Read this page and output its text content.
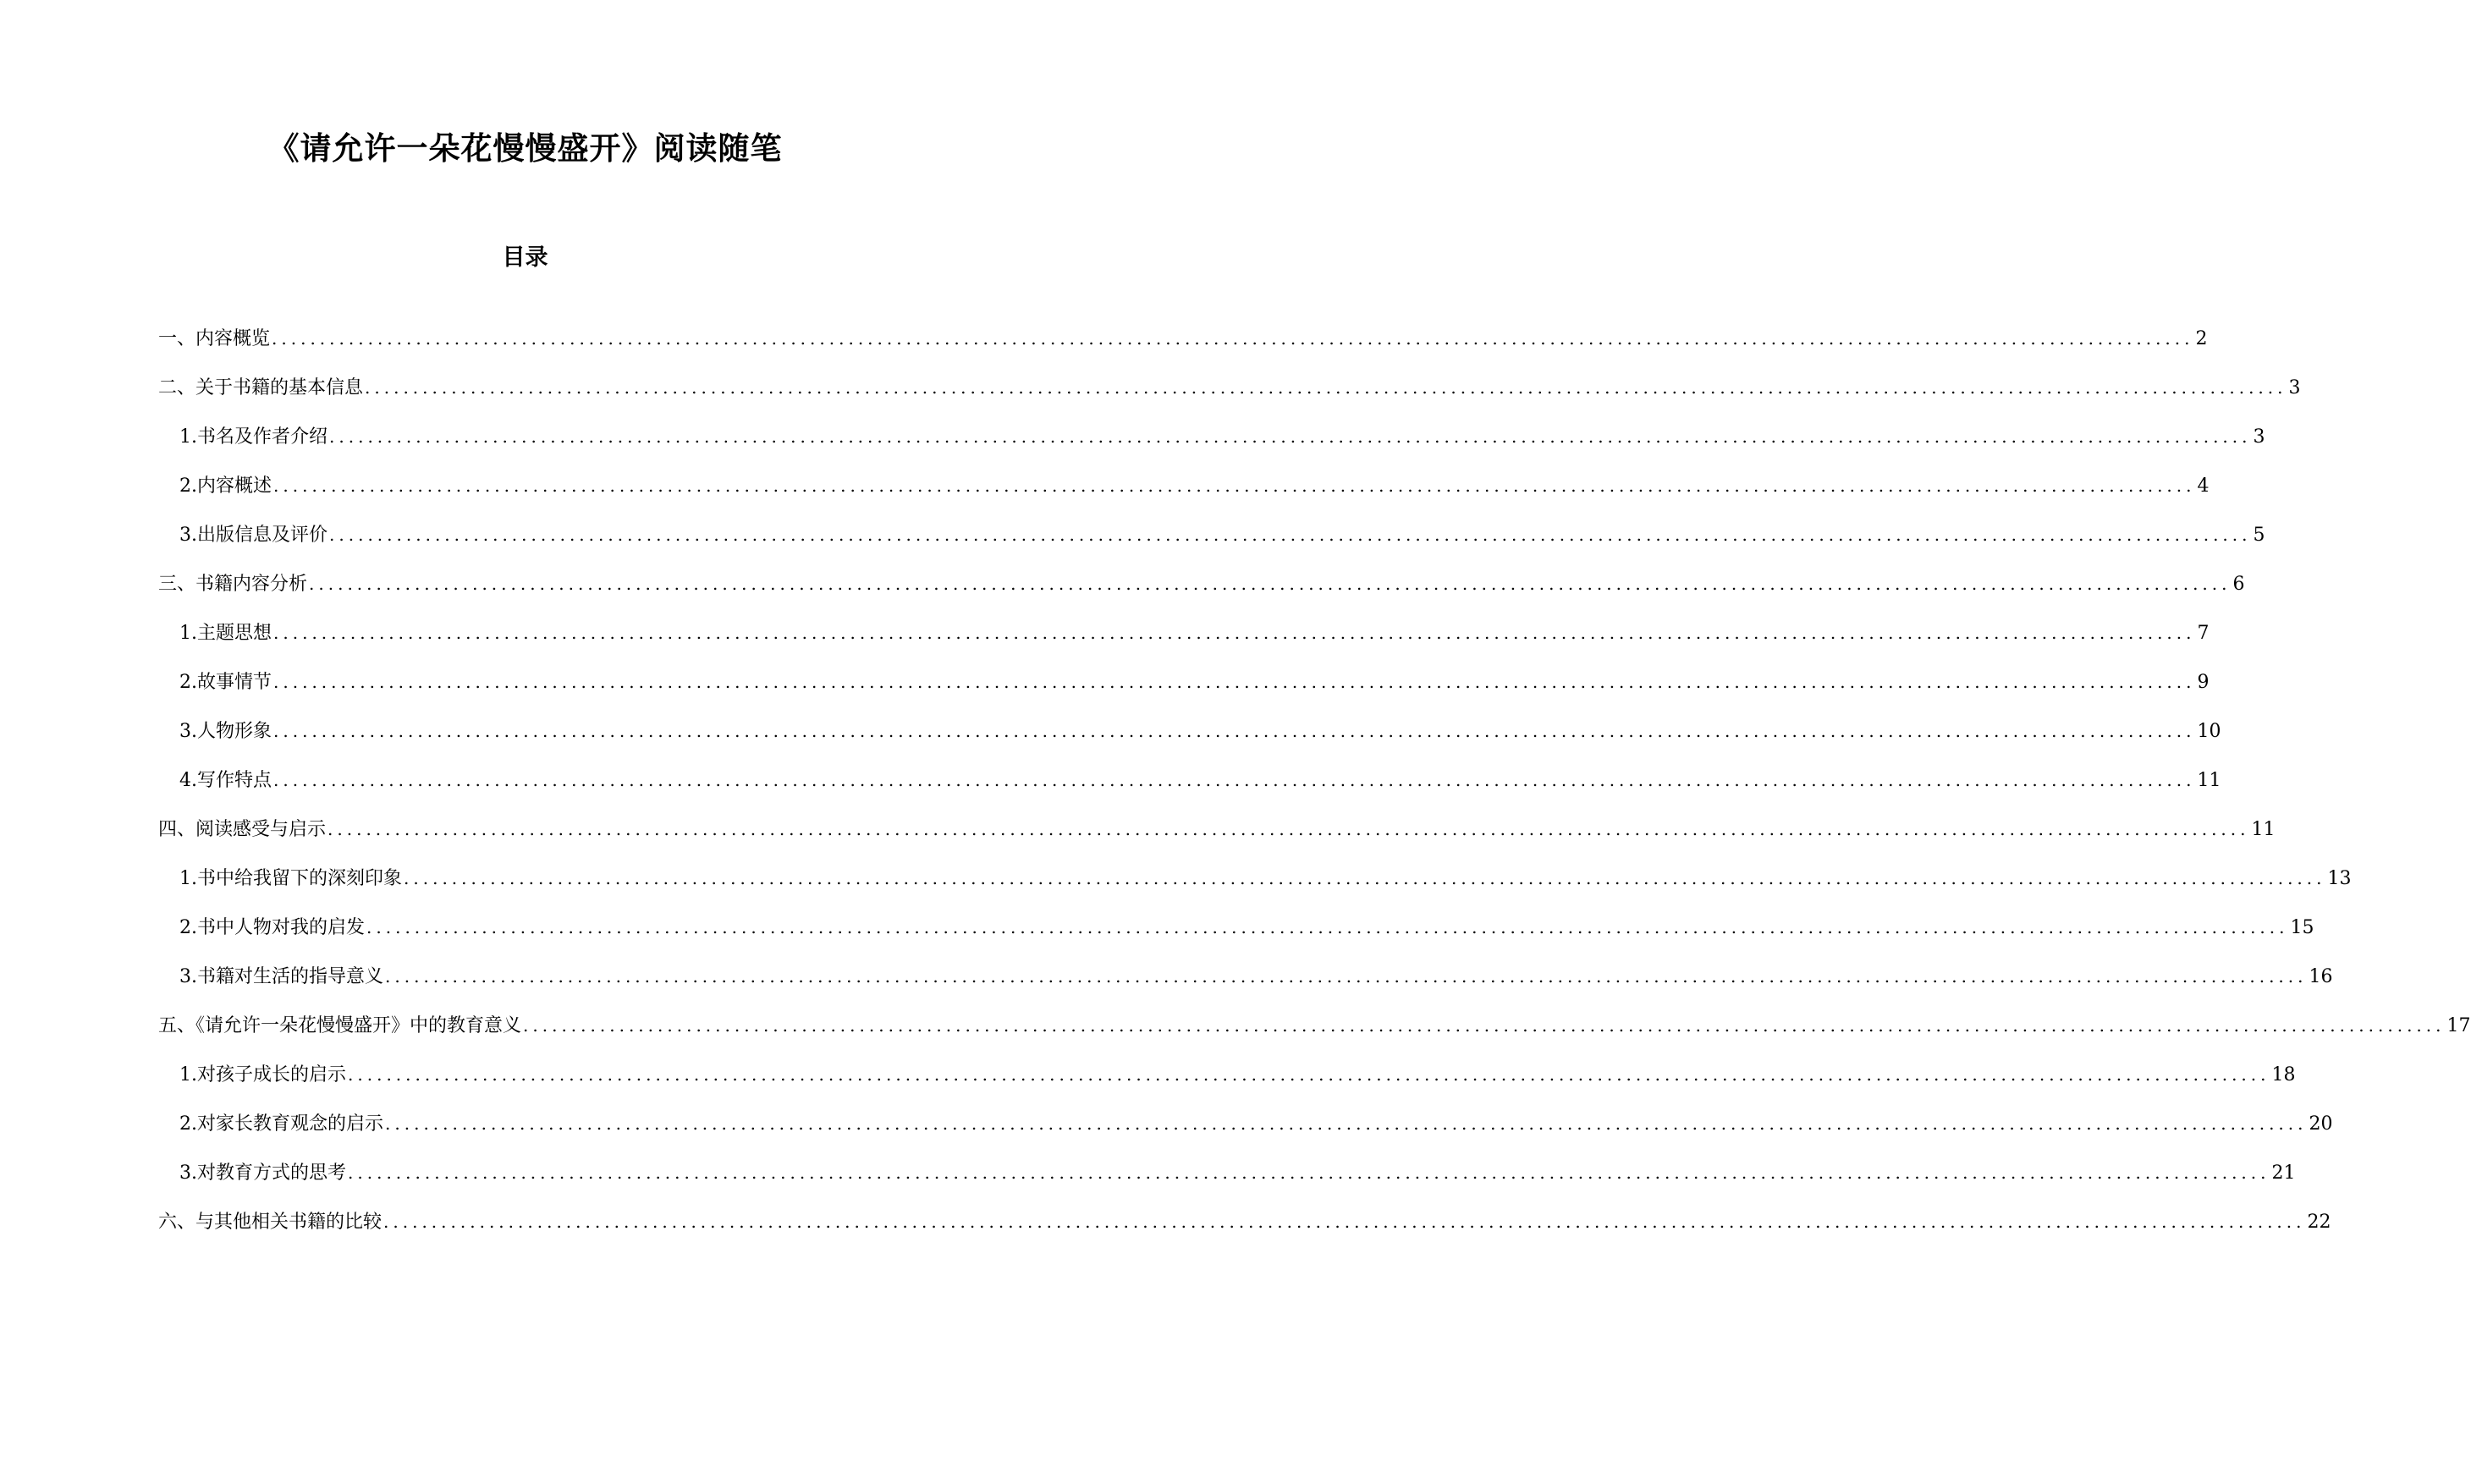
《请允许一朵花慢慢盛开》阅读随笔
目录
一、内容概览 ........................................................................................................................................................................................................ 2
二、关于书籍的基本信息 ........................................................................................................................................................................................................ 3
1. 书名及作者介绍 ........................................................................................................................................................................................................ 3
2. 内容概述 ........................................................................................................................................................................................................ 4
3. 出版信息及评价 ........................................................................................................................................................................................................ 5
三、书籍内容分析 ........................................................................................................................................................................................................ 6
1. 主题思想 ........................................................................................................................................................................................................ 7
2. 故事情节 ........................................................................................................................................................................................................ 9
3. 人物形象 ........................................................................................................................................................................................................ 10
4. 写作特点 ........................................................................................................................................................................................................ 11
四、阅读感受与启示 ........................................................................................................................................................................................................ 11
1. 书中给我留下的深刻印象 ........................................................................................................................................................................................................ 13
2. 书中人物对我的启发 ........................................................................................................................................................................................................ 15
3. 书籍对生活的指导意义 ........................................................................................................................................................................................................ 16
五、《请允许一朵花慢慢盛开》中的教育意义 ........................................................................................................................................................................................................ 17
1. 对孩子成长的启示 ........................................................................................................................................................................................................ 18
2. 对家长教育观念的启示 ........................................................................................................................................................................................................ 20
3. 对教育方式的思考 ........................................................................................................................................................................................................ 21
六、与其他相关书籍的比较 ........................................................................................................................................................................................................ 22
